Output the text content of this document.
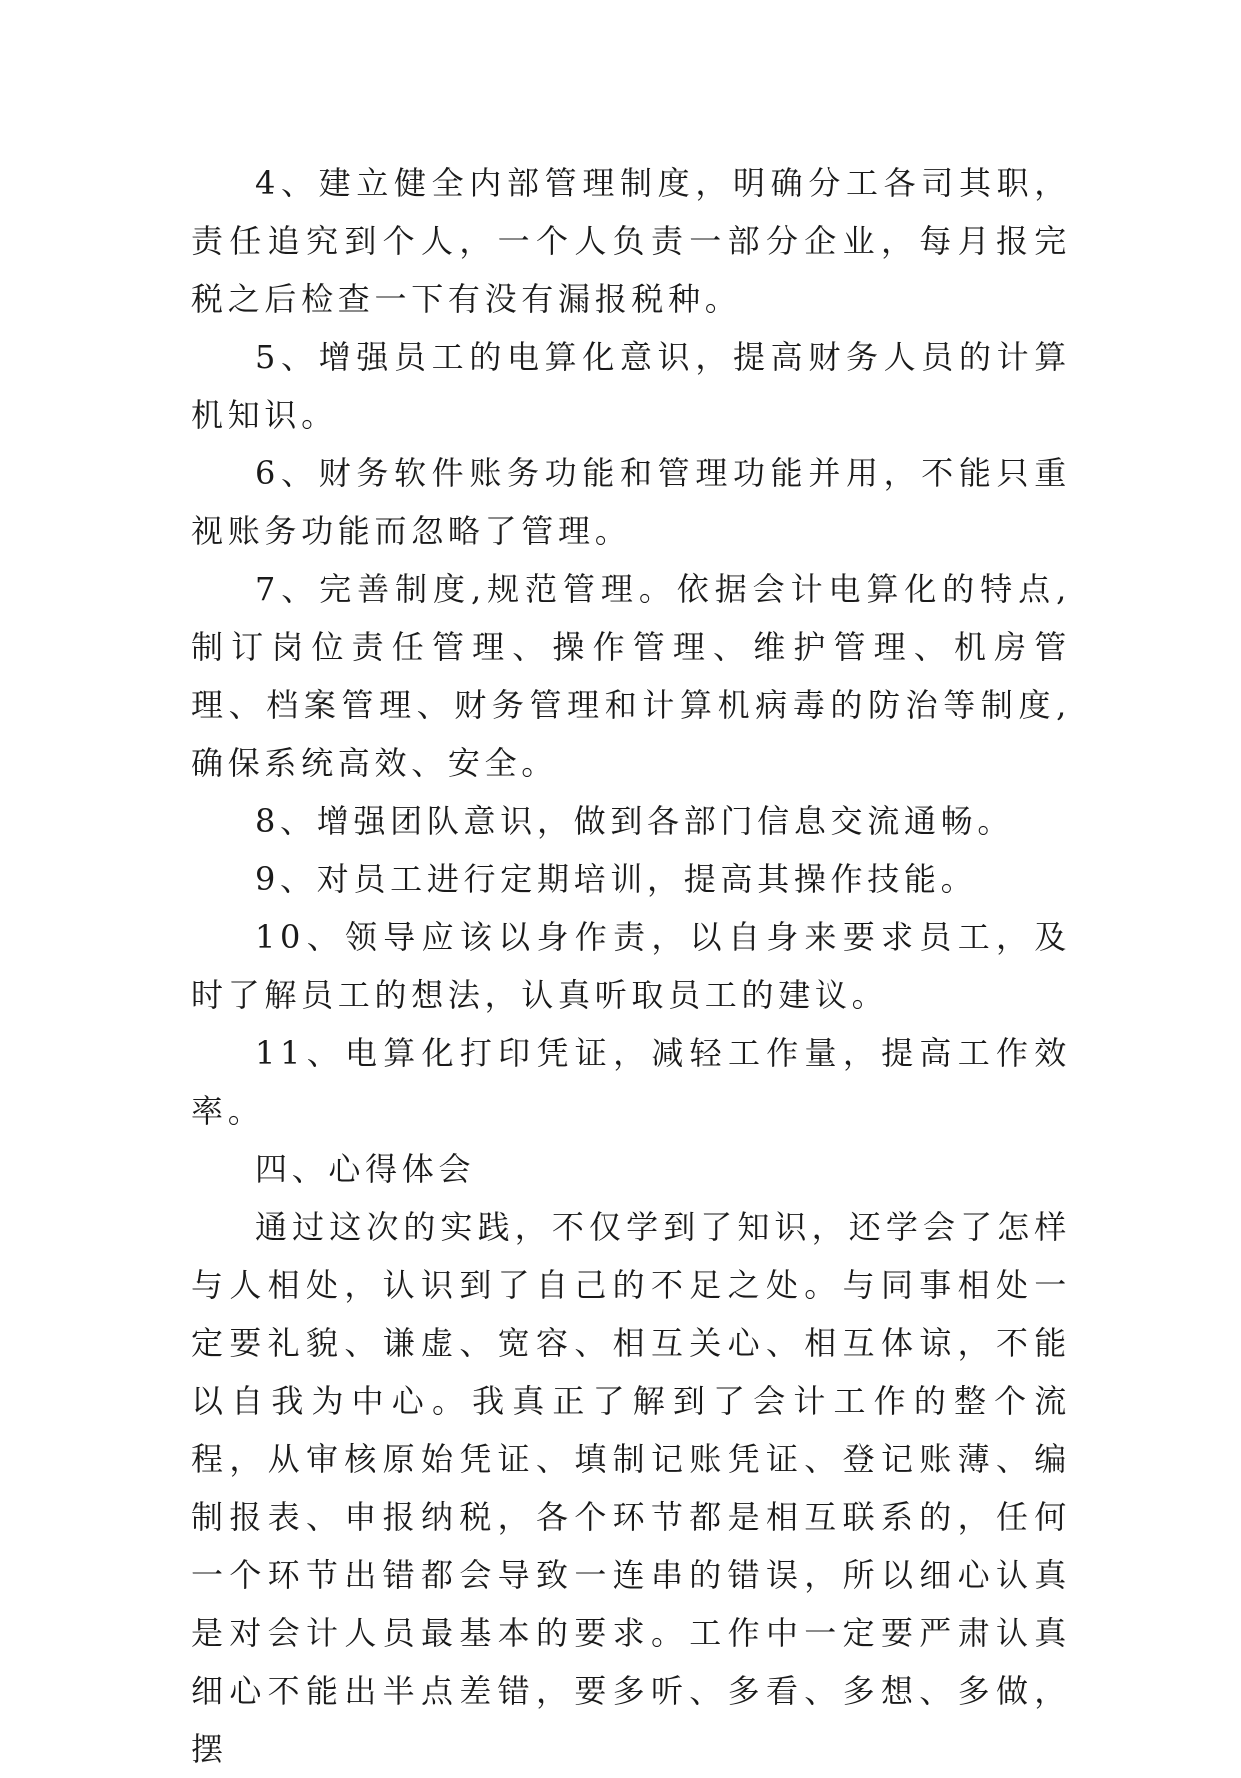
4、建立健全内部管理制度，明确分工各司其职，责任追究到个人，一个人负责一部分企业，每月报完税之后检查一下有没有漏报税种。

5、增强员工的电算化意识，提高财务人员的计算机知识。

6、财务软件账务功能和管理功能并用，不能只重视账务功能而忽略了管理。

7、完善制度,规范管理。依据会计电算化的特点,制订岗位责任管理、操作管理、维护管理、机房管理、档案管理、财务管理和计算机病毒的防治等制度,确保系统高效、安全。

8、增强团队意识，做到各部门信息交流通畅。

9、对员工进行定期培训，提高其操作技能。

10、领导应该以身作责，以自身来要求员工，及时了解员工的想法，认真听取员工的建议。

11、电算化打印凭证，减轻工作量，提高工作效率。

四、心得体会

通过这次的实践，不仅学到了知识，还学会了怎样与人相处，认识到了自己的不足之处。与同事相处一定要礼貌、谦虚、宽容、相互关心、相互体谅，不能以自我为中心。我真正了解到了会计工作的整个流程，从审核原始凭证、填制记账凭证、登记账薄、编制报表、申报纳税，各个环节都是相互联系的，任何一个环节出错都会导致一连串的错误，所以细心认真是对会计人员最基本的要求。工作中一定要严肃认真细心不能出半点差错，要多听、多看、多想、多做，摆
